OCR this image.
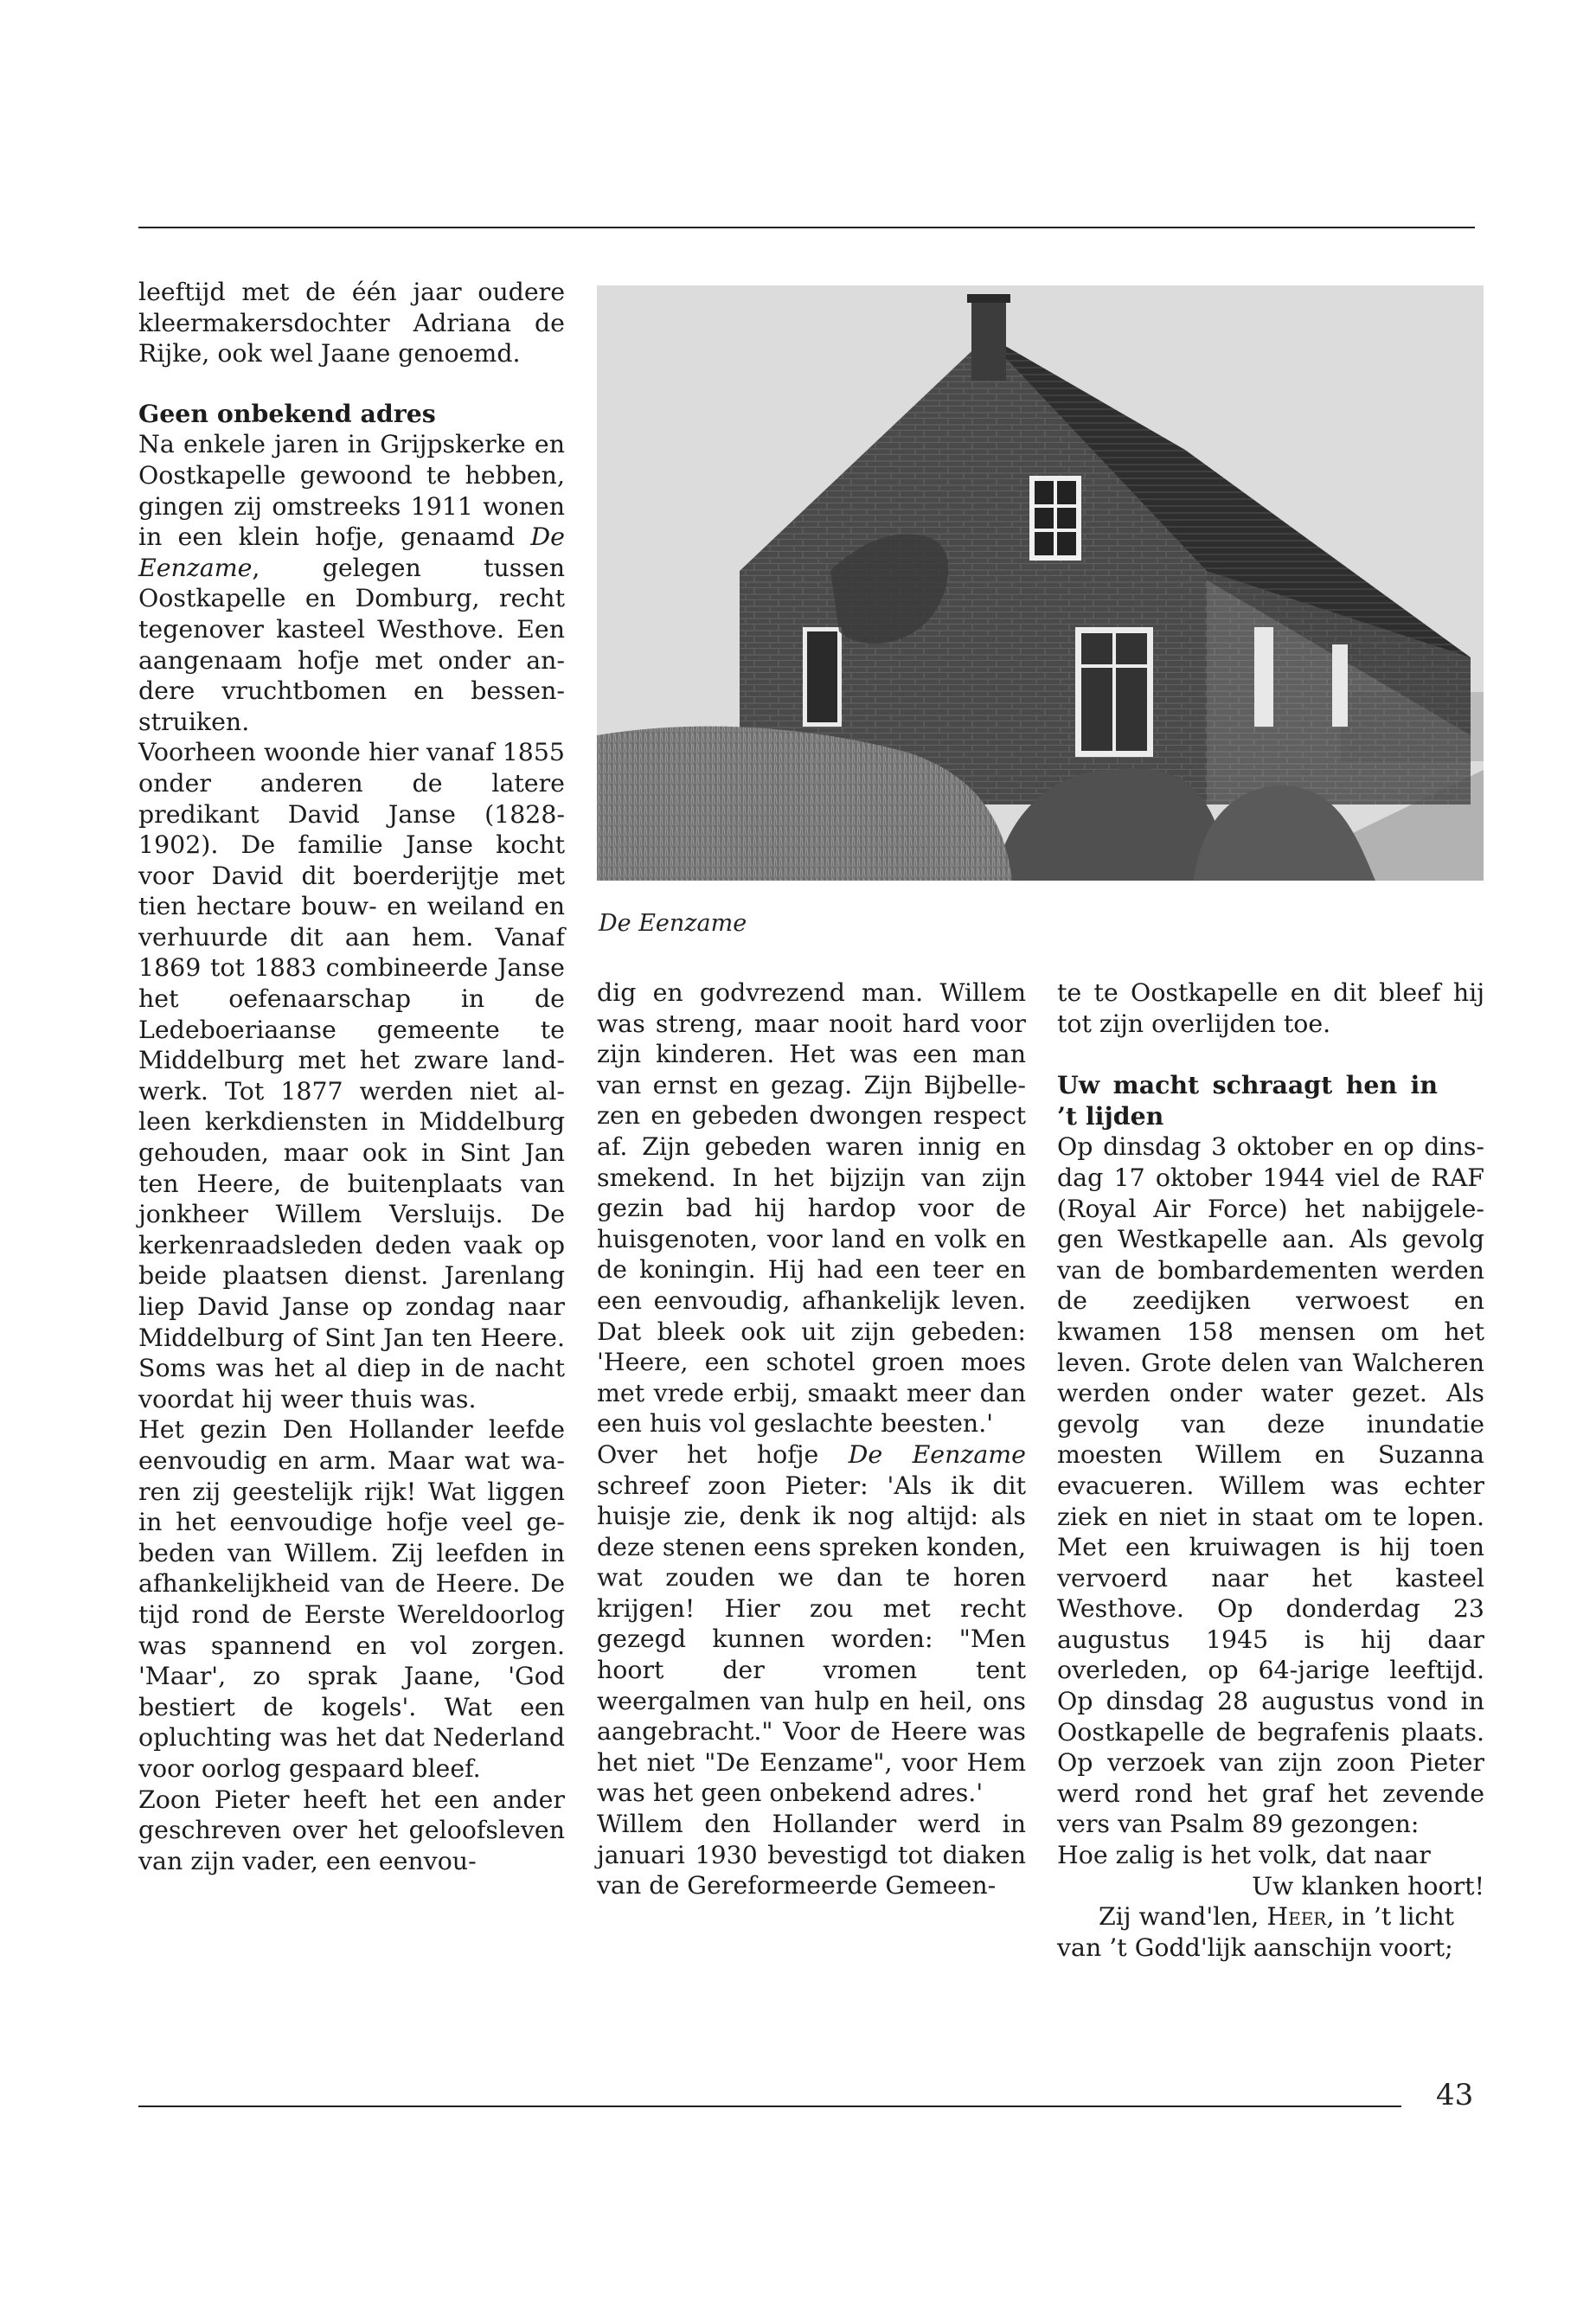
leeftijd met de één jaar oudere kleermakersdochter Adriana de Rijke, ook wel Jaane genoemd.

Geen onbekend adres

Na enkele jaren in Grijpskerke en Oostkapelle gewoond te hebben, gingen zij omstreeks 1911 wonen in een klein hofje, genaamd De Eenzame, gelegen tussen Oostkapelle en Domburg, recht tegenover kasteel Westhove. Een aangenaam hofje met onder andere vruchtbomen en bessenstruiken.

Voorheen woonde hier vanaf 1855 onder anderen de latere predikant David Janse (1828-1902). De familie Janse kocht voor David dit boerderijtje met tien hectare bouw- en weiland en verhuurde dit aan hem. Vanaf 1869 tot 1883 combineerde Janse het oefenaarschap in de Ledeboeriaanse gemeente te Middelburg met het zware landwerk. Tot 1877 werden niet alleen kerkdiensten in Middelburg gehouden, maar ook in Sint Jan ten Heere, de buitenplaats van jonkheer Willem Versluijs. De kerkenraadsleden deden vaak op beide plaatsen dienst. Jarenlang liep David Janse op zondag naar Middelburg of Sint Jan ten Heere. Soms was het al diep in de nacht voordat hij weer thuis was.

Het gezin Den Hollander leefde eenvoudig en arm. Maar wat waren zij geestelijk rijk! Wat liggen in het eenvoudige hofje veel gebeden van Willem. Zij leefden in afhankelijkheid van de Heere. De tijd rond de Eerste Wereldoorlog was spannend en vol zorgen. 'Maar', zo sprak Jaane, 'God bestiert de kogels'. Wat een opluchting was het dat Nederland voor oorlog gespaard bleef.

Zoon Pieter heeft het een ander geschreven over het geloofsleven van zijn vader, een eenvou-

De Eenzame

dig en godvrezend man. Willem was streng, maar nooit hard voor zijn kinderen. Het was een man van ernst en gezag. Zijn Bijbellezen en gebeden dwongen respect af. Zijn gebeden waren innig en smekend. In het bijzijn van zijn gezin bad hij hardop voor de huisgenoten, voor land en volk en de koningin. Hij had een teer en een eenvoudig, afhankelijk leven. Dat bleek ook uit zijn gebeden: 'Heere, een schotel groen moes met vrede erbij, smaakt meer dan een huis vol geslachte beesten.'

Over het hofje De Eenzame schreef zoon Pieter: 'Als ik dit huisje zie, denk ik nog altijd: als deze stenen eens spreken konden, wat zouden we dan te horen krijgen! Hier zou met recht gezegd kunnen worden: "Men hoort der vromen tent weergalmen van hulp en heil, ons aangebracht." Voor de Heere was het niet "De Eenzame", voor Hem was het geen onbekend adres.'

Willem den Hollander werd in januari 1930 bevestigd tot diaken van de Gereformeerde Gemeen-

te te Oostkapelle en dit bleef hij tot zijn overlijden toe.

Uw macht schraagt hen in ’t lijden

Op dinsdag 3 oktober en op dinsdag 17 oktober 1944 viel de RAF (Royal Air Force) het nabijgelegen Westkapelle aan. Als gevolg van de bombardementen werden de zeedijken verwoest en kwamen 158 mensen om het leven. Grote delen van Walcheren werden onder water gezet. Als gevolg van deze inundatie moesten Willem en Suzanna evacueren. Willem was echter ziek en niet in staat om te lopen. Met een kruiwagen is hij toen vervoerd naar het kasteel Westhove. Op donderdag 23 augustus 1945 is hij daar overleden, op 64-jarige leeftijd. Op dinsdag 28 augustus vond in Oostkapelle de begrafenis plaats. Op verzoek van zijn zoon Pieter werd rond het graf het zevende vers van Psalm 89 gezongen:

Hoe zalig is het volk, dat naar

Uw klanken hoort!

Zij wand'len, Heer, in ’t licht

van ’t Godd'lijk aanschijn voort;

43
